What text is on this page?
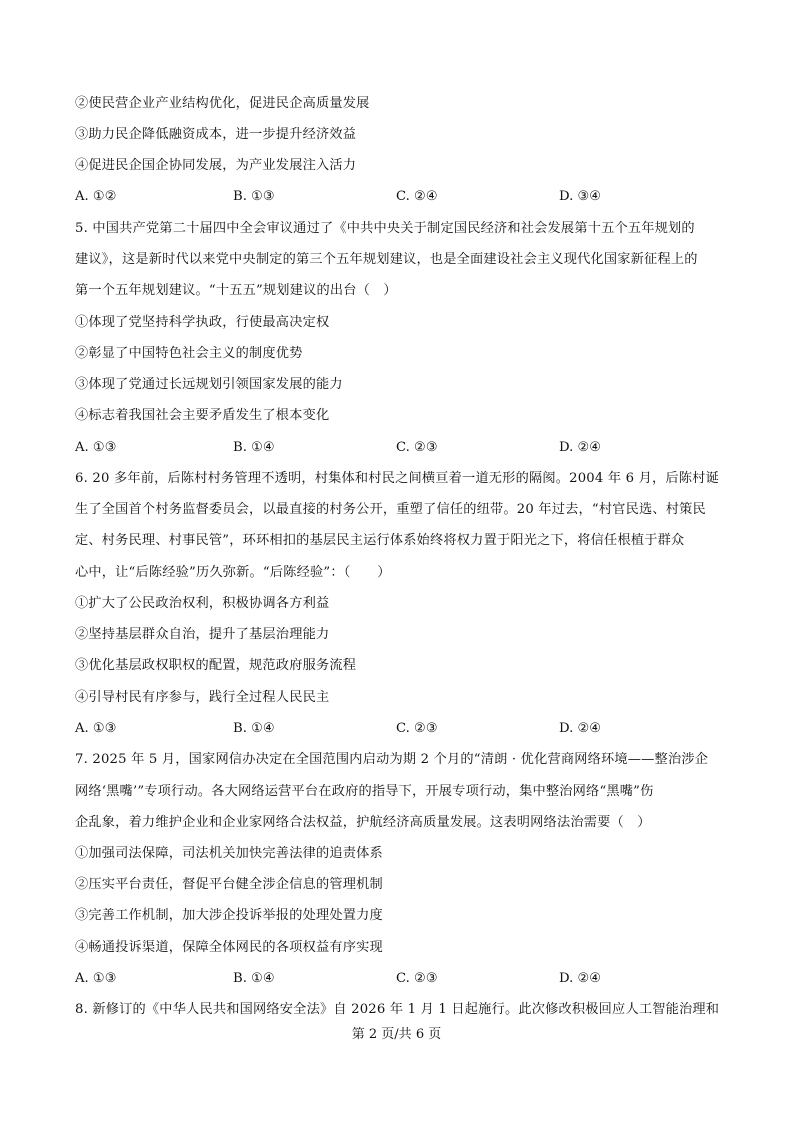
②使民营企业产业结构优化，促进民企高质量发展
③助力民企降低融资成本，进一步提升经济效益
④促进民企国企协同发展，为产业发展注入活力
A. ①②	B. ①③	C. ②④	D. ③④
5. 中国共产党第二十届四中全会审议通过了《中共中央关于制定国民经济和社会发展第十五个五年规划的
建议》，这是新时代以来党中央制定的第三个五年规划建议，也是全面建设社会主义现代化国家新征程上的
第一个五年规划建议。“十五五”规划建议的出台（　）
①体现了党坚持科学执政，行使最高决定权
②彰显了中国特色社会主义的制度优势
③体现了党通过长远规划引领国家发展的能力
④标志着我国社会主要矛盾发生了根本变化
A. ①③	B. ①④	C. ②③	D. ②④
6. 20 多年前，后陈村村务管理不透明，村集体和村民之间横亘着一道无形的隔阂。2004 年 6 月，后陈村诞
生了全国首个村务监督委员会，以最直接的村务公开，重塑了信任的纽带。20 年过去，“村官民选、村策民
定、村务民理、村事民管”，环环相扣的基层民主运行体系始终将权力置于阳光之下，将信任根植于群众
心中，让“后陈经验”历久弥新。“后陈经验”：（　　）
①扩大了公民政治权利，积极协调各方利益
②坚持基层群众自治，提升了基层治理能力
③优化基层政权职权的配置，规范政府服务流程
④引导村民有序参与，践行全过程人民民主
A. ①③	B. ①④	C. ②③	D. ②④
7. 2025 年 5 月，国家网信办决定在全国范围内启动为期 2 个月的“清朗 · 优化营商网络环境——整治涉企
网络‘黑嘴’”专项行动。各大网络运营平台在政府的指导下，开展专项行动，集中整治网络“黑嘴”伤
企乱象，着力维护企业和企业家网络合法权益，护航经济高质量发展。这表明网络法治需要（　）
①加强司法保障，司法机关加快完善法律的追责体系
②压实平台责任，督促平台健全涉企信息的管理机制
③完善工作机制，加大涉企投诉举报的处理处置力度
④畅通投诉渠道，保障全体网民的各项权益有序实现
A. ①③	B. ①④	C. ②③	D. ②④
8. 新修订的《中华人民共和国网络安全法》自 2026 年 1 月 1 日起施行。此次修改积极回应人工智能治理和
第 2 页/共 6 页
